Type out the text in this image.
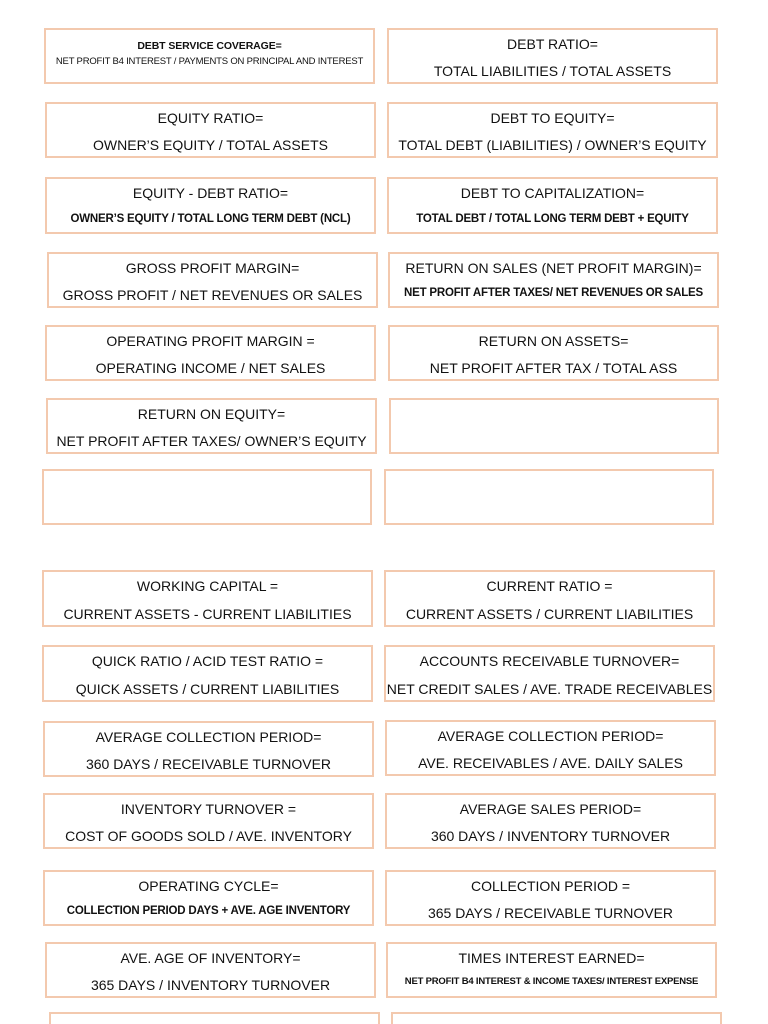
DEBT SERVICE COVERAGE=
NET PROFIT B4 INTEREST / PAYMENTS ON PRINCIPAL AND INTEREST
DEBT RATIO=
TOTAL LIABILITIES / TOTAL ASSETS
EQUITY RATIO=
OWNER’S EQUITY / TOTAL ASSETS
DEBT TO EQUITY=
TOTAL DEBT (LIABILITIES) / OWNER’S EQUITY
EQUITY - DEBT RATIO=
OWNER’S EQUITY / TOTAL LONG TERM DEBT (NCL)
DEBT TO CAPITALIZATION=
TOTAL DEBT / TOTAL LONG TERM DEBT + EQUITY
GROSS PROFIT MARGIN=
GROSS PROFIT / NET REVENUES OR SALES
RETURN ON SALES (NET PROFIT MARGIN)=
NET PROFIT AFTER TAXES/ NET REVENUES OR SALES
OPERATING PROFIT MARGIN =
OPERATING INCOME / NET SALES
RETURN ON ASSETS=
NET PROFIT AFTER TAX / TOTAL ASS
RETURN ON EQUITY=
NET PROFIT AFTER TAXES/ OWNER’S EQUITY
WORKING CAPITAL =
CURRENT ASSETS - CURRENT LIABILITIES
CURRENT RATIO =
CURRENT ASSETS / CURRENT LIABILITIES
QUICK RATIO / ACID TEST RATIO =
QUICK ASSETS / CURRENT LIABILITIES
ACCOUNTS RECEIVABLE TURNOVER=
NET CREDIT SALES / AVE. TRADE RECEIVABLES
AVERAGE COLLECTION PERIOD=
360 DAYS / RECEIVABLE TURNOVER
AVERAGE COLLECTION PERIOD=
AVE. RECEIVABLES / AVE. DAILY SALES
INVENTORY TURNOVER =
COST OF GOODS SOLD / AVE. INVENTORY
AVERAGE SALES PERIOD=
360 DAYS / INVENTORY TURNOVER
OPERATING CYCLE=
COLLECTION PERIOD DAYS + AVE. AGE INVENTORY
COLLECTION PERIOD =
365 DAYS / RECEIVABLE TURNOVER
AVE. AGE OF INVENTORY=
365 DAYS / INVENTORY TURNOVER
TIMES INTEREST EARNED=
NET PROFIT B4 INTEREST & INCOME TAXES/ INTEREST EXPENSE
